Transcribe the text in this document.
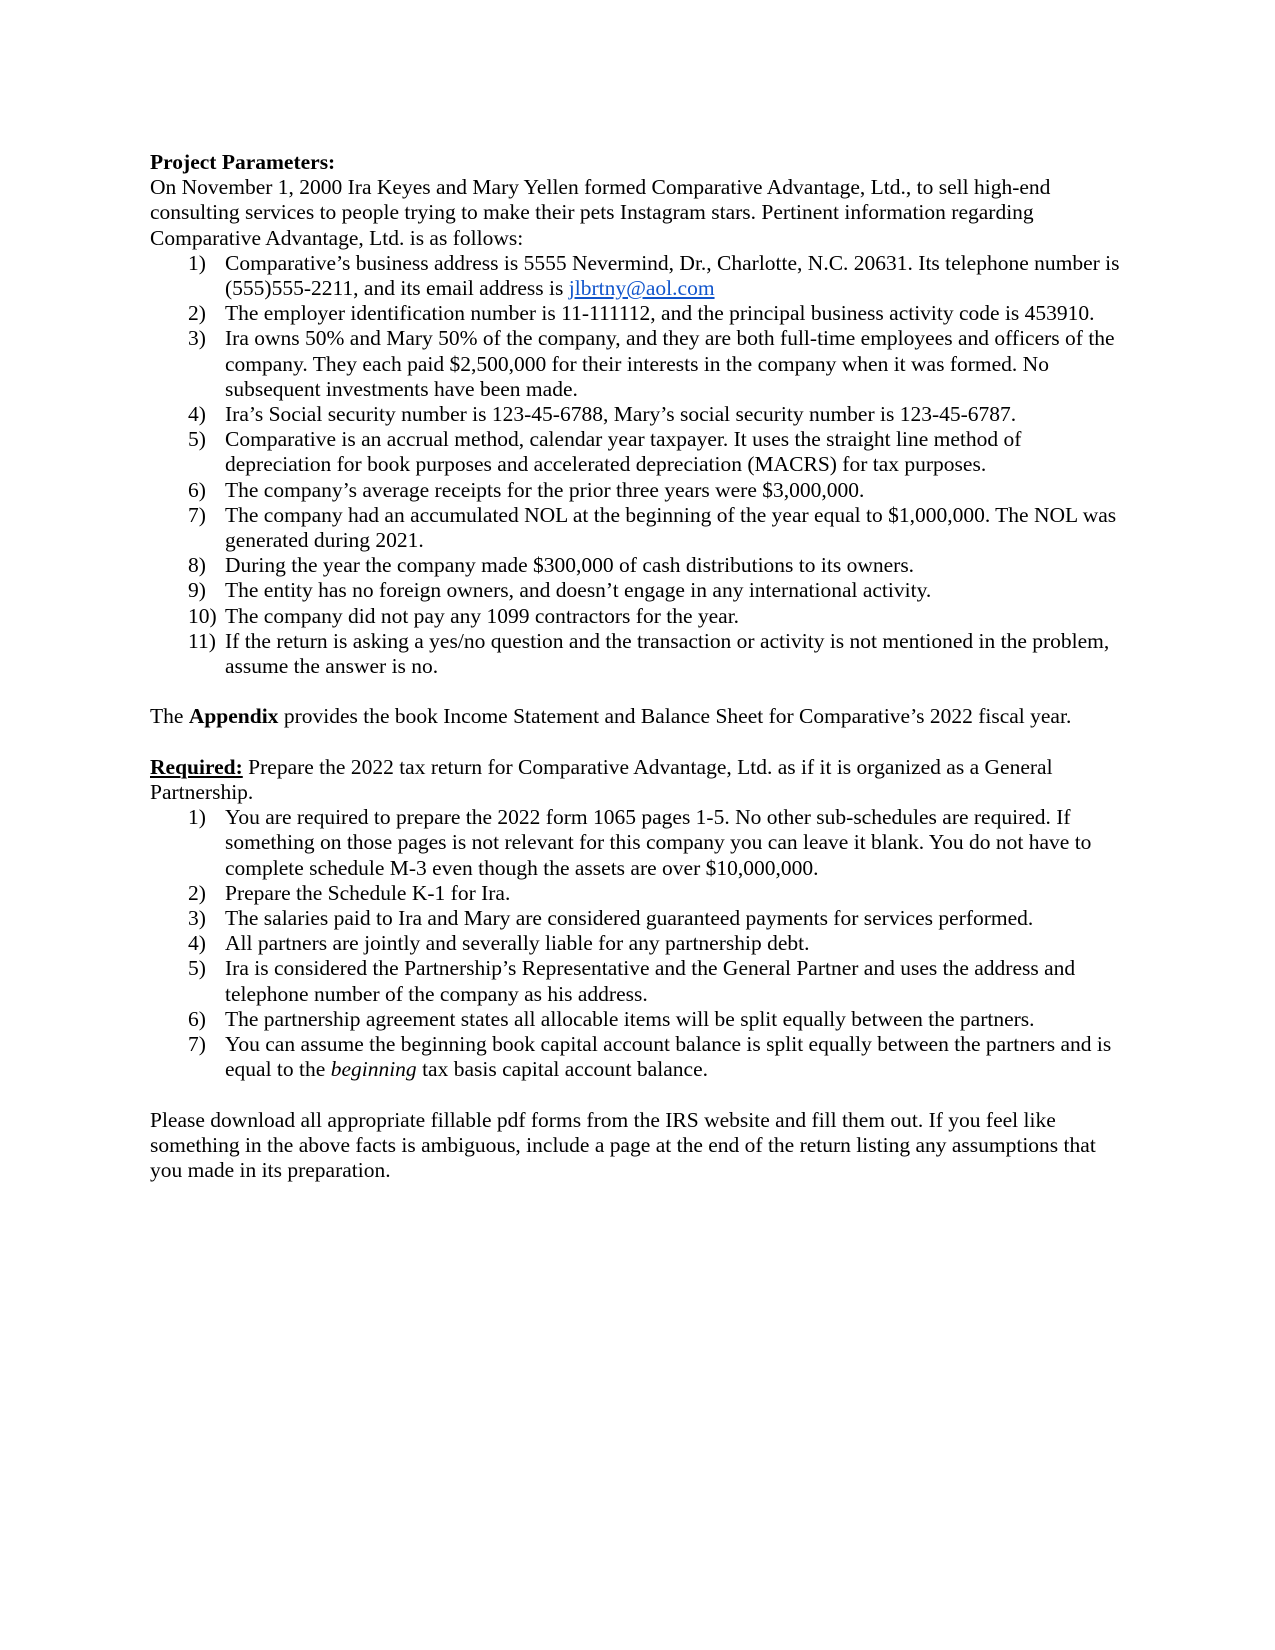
Project Parameters:

On November 1, 2000 Ira Keyes and Mary Yellen formed Comparative Advantage, Ltd., to sell high-end consulting services to people trying to make their pets Instagram stars. Pertinent information regarding Comparative Advantage, Ltd. is as follows:

1) Comparative’s business address is 5555 Nevermind, Dr., Charlotte, N.C. 20631. Its telephone number is (555)555-2211, and its email address is jlbrtny@aol.com
2) The employer identification number is 11-111112, and the principal business activity code is 453910.
3) Ira owns 50% and Mary 50% of the company, and they are both full-time employees and officers of the company. They each paid $2,500,000 for their interests in the company when it was formed. No subsequent investments have been made.
4) Ira’s Social security number is 123-45-6788, Mary’s social security number is 123-45-6787.
5) Comparative is an accrual method, calendar year taxpayer. It uses the straight line method of depreciation for book purposes and accelerated depreciation (MACRS) for tax purposes.
6) The company’s average receipts for the prior three years were $3,000,000.
7) The company had an accumulated NOL at the beginning of the year equal to $1,000,000. The NOL was generated during 2021.
8) During the year the company made $300,000 of cash distributions to its owners.
9) The entity has no foreign owners, and doesn’t engage in any international activity.
10) The company did not pay any 1099 contractors for the year.
11) If the return is asking a yes/no question and the transaction or activity is not mentioned in the problem, assume the answer is no.

The Appendix provides the book Income Statement and Balance Sheet for Comparative’s 2022 fiscal year.

Required: Prepare the 2022 tax return for Comparative Advantage, Ltd. as if it is organized as a General Partnership.

1) You are required to prepare the 2022 form 1065 pages 1-5. No other sub-schedules are required. If something on those pages is not relevant for this company you can leave it blank. You do not have to complete schedule M-3 even though the assets are over $10,000,000.
2) Prepare the Schedule K-1 for Ira.
3) The salaries paid to Ira and Mary are considered guaranteed payments for services performed.
4) All partners are jointly and severally liable for any partnership debt.
5) Ira is considered the Partnership’s Representative and the General Partner and uses the address and telephone number of the company as his address.
6) The partnership agreement states all allocable items will be split equally between the partners.
7) You can assume the beginning book capital account balance is split equally between the partners and is equal to the beginning tax basis capital account balance.

Please download all appropriate fillable pdf forms from the IRS website and fill them out. If you feel like something in the above facts is ambiguous, include a page at the end of the return listing any assumptions that you made in its preparation.
